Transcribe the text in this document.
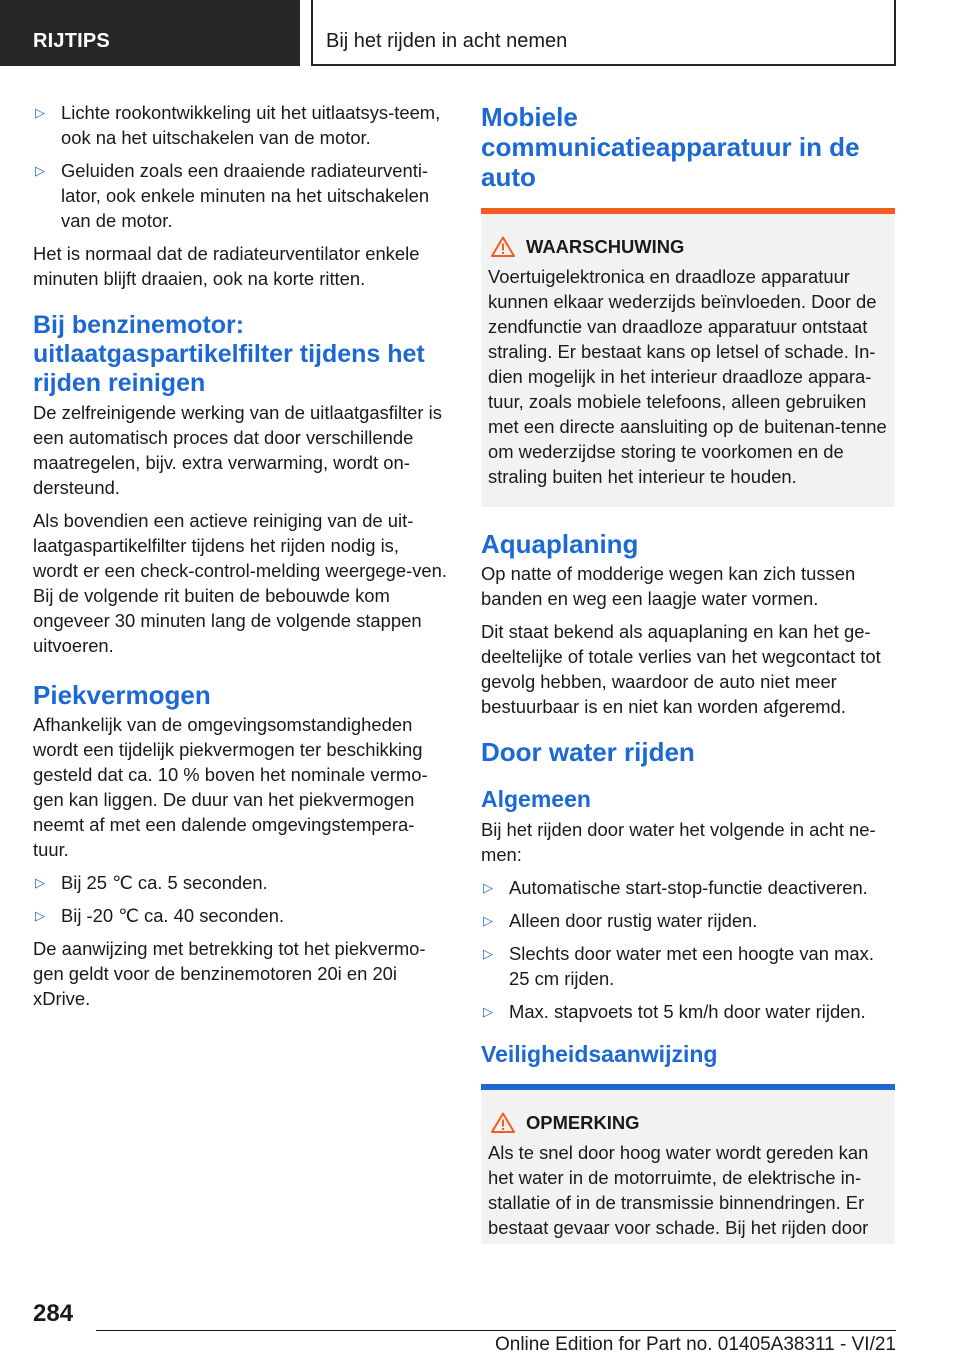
RIJTIPS	Bij het rijden in acht nemen
▷ Lichte rookontwikkeling uit het uitlaatsys-teem, ook na het uitschakelen van de motor.
▷ Geluiden zoals een draaiende radiateurventi-lator, ook enkele minuten na het uitschakelen van de motor.

Het is normaal dat de radiateurventilator enkele minuten blijft draaien, ook na korte ritten.

Bij benzinemotor: uitlaatgaspartikelfilter tijdens het rijden reinigen

De zelfreinigende werking van de uitlaatgasfilter is een automatisch proces dat door verschillende maatregelen, bijv. extra verwarming, wordt on-dersteund.

Als bovendien een actieve reiniging van de uit-laatgaspartikelfilter tijdens het rijden nodig is, wordt er een check-control-melding weergege-ven. Bij de volgende rit buiten de bebouwde kom ongeveer 30 minuten lang de volgende stappen uitvoeren.

Piekvermogen

Afhankelijk van de omgevingsomstandigheden wordt een tijdelijk piekvermogen ter beschikking gesteld dat ca. 10 % boven het nominale vermo-gen kan liggen. De duur van het piekvermogen neemt af met een dalende omgevingstempera-tuur.

▷ Bij 25 ℃ ca. 5 seconden.
▷ Bij -20 ℃ ca. 40 seconden.

De aanwijzing met betrekking tot het piekvermo-gen geldt voor de benzinemotoren 20i en 20i xDrive.

Mobiele communicatieapparatuur in de auto
WAARSCHUWING

Voertuigelektronica en draadloze apparatuur kunnen elkaar wederzijds beïnvloeden. Door de zendfunctie van draadloze apparatuur ontstaat straling. Er bestaat kans op letsel of schade. In-dien mogelijk in het interieur draadloze appara-tuur, zoals mobiele telefoons, alleen gebruiken met een directe aansluiting op de buitenan-tenne om wederzijdse storing te voorkomen en de straling buiten het interieur te houden.

Aquaplaning

Op natte of modderige wegen kan zich tussen banden en weg een laagje water vormen.

Dit staat bekend als aquaplaning en kan het ge-deeltelijke of totale verlies van het wegcontact tot gevolg hebben, waardoor de auto niet meer bestuurbaar is en niet kan worden afgeremd.

Door water rijden
Algemeen

Bij het rijden door water het volgende in acht ne-men:

▷ Automatische start-stop-functie deactiveren.
▷ Alleen door rustig water rijden.
▷ Slechts door water met een hoogte van max. 25 cm rijden.
▷ Max. stapvoets tot 5 km/h door water rijden.
Veiligheidsaanwijzing
OPMERKING

Als te snel door hoog water wordt gereden kan het water in de motorruimte, de elektrische in-stallatie of in de transmissie binnendringen. Er bestaat gevaar voor schade. Bij het rijden door

284
Online Edition for Part no. 01405A38311 - VI/21
